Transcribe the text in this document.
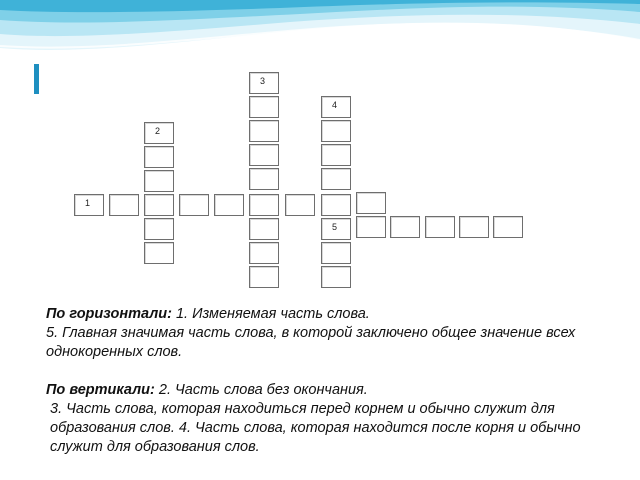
1
2
3
4
5
По горизонтали: 1. Изменяемая часть слова.
5. Главная значимая часть слова, в которой заключено общее значение всех однокоренных слов.
По вертикали: 2. Часть слова без окончания.
3. Часть слова, которая находиться перед корнем и обычно служит для образования слов. 4. Часть слова, которая находится после корня и обычно служит для образования слов.
